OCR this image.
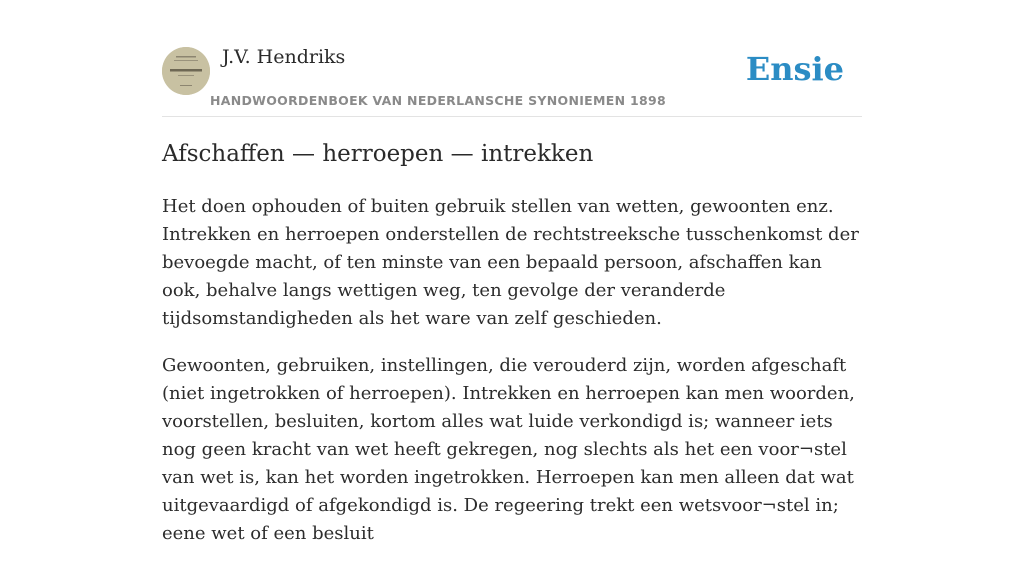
J.V. Hendriks
HANDWOORDENBOEK VAN NEDERLANSCHE SYNONIEMEN 1898
Ensie
Afschaffen — herroepen — intrekken

Het doen ophouden of buiten gebruik stellen van wetten, gewoonten enz. Intrekken en herroepen onderstellen de rechtstreeksche tusschenkomst der bevoegde macht, of ten minste van een bepaald persoon, afschaffen kan ook, behalve langs wettigen weg, ten gevolge der veranderde tijdsomstandigheden als het ware van zelf geschieden.

Gewoonten, gebruiken, instellingen, die verouderd zijn, worden afgeschaft (niet ingetrokken of herroepen). Intrekken en herroepen kan men woorden, voorstellen, besluiten, kortom alles wat luide verkondigd is; wanneer iets nog geen kracht van wet heeft gekregen, nog slechts als het een voor¬stel van wet is, kan het worden ingetrokken. Herroepen kan men alleen dat wat uitgevaardigd of afgekondigd is. De regeering trekt een wetsvoor¬stel in; eene wet of een besluit
